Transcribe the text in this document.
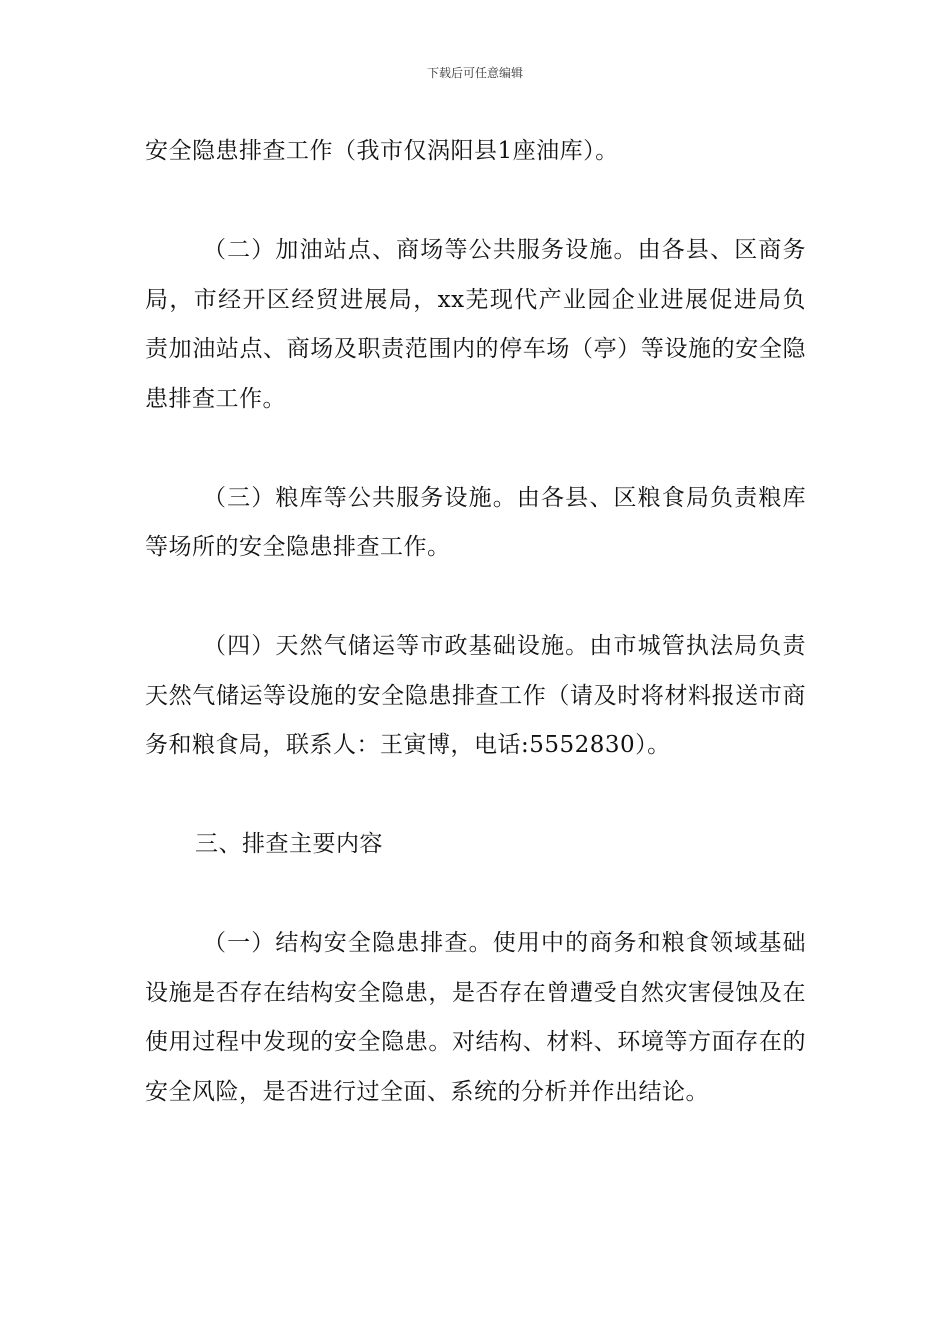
下载后可任意编辑

安全隐患排查工作（我市仅涡阳县1座油库）。

（二）加油站点、商场等公共服务设施。由各县、区商务局，市经开区经贸进展局，xx芜现代产业园企业进展促进局负责加油站点、商场及职责范围内的停车场（亭）等设施的安全隐患排查工作。

（三）粮库等公共服务设施。由各县、区粮食局负责粮库等场所的安全隐患排查工作。

（四）天然气储运等市政基础设施。由市城管执法局负责天然气储运等设施的安全隐患排查工作（请及时将材料报送市商务和粮食局，联系人：王寅博，电话:5552830）。

三、排查主要内容

（一）结构安全隐患排查。使用中的商务和粮食领域基础设施是否存在结构安全隐患，是否存在曾遭受自然灾害侵蚀及在使用过程中发现的安全隐患。对结构、材料、环境等方面存在的安全风险，是否进行过全面、系统的分析并作出结论。
